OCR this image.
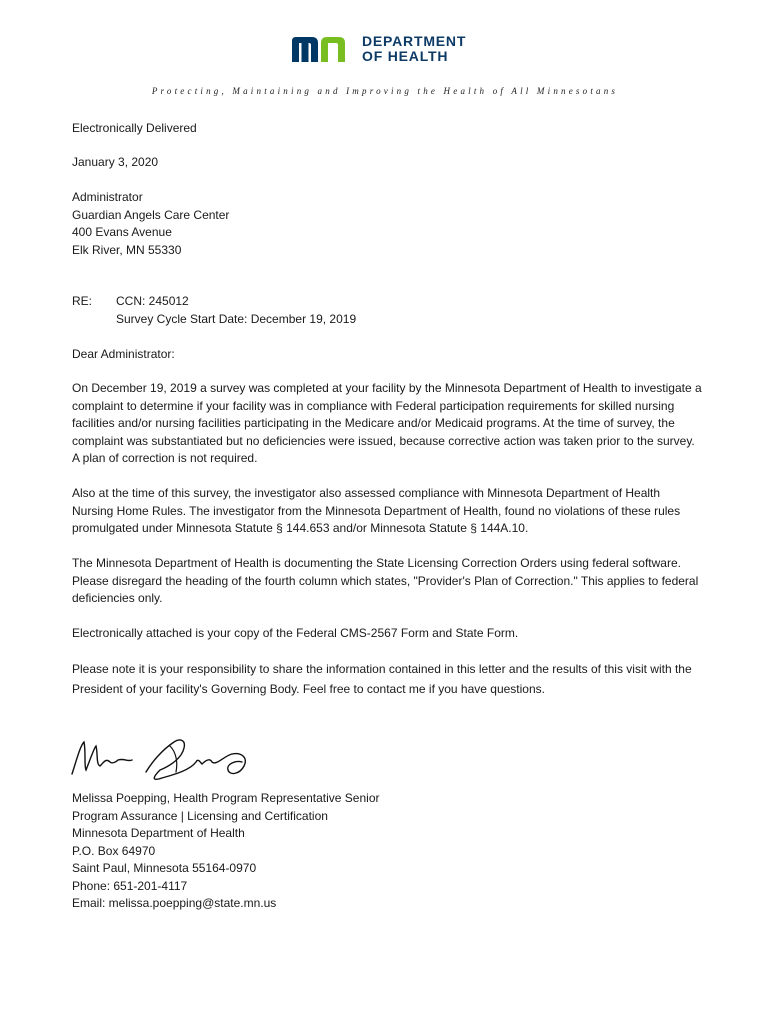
DEPARTMENT
OF HEALTH
Protecting, Maintaining and Improving the Health of All Minnesotans
Electronically Delivered
January 3, 2020
Administrator
Guardian Angels Care Center
400 Evans Avenue
Elk River, MN 55330
RE: CCN: 245012
Survey Cycle Start Date: December 19, 2019
Dear Administrator:

On December 19, 2019 a survey was completed at your facility by the Minnesota Department of Health to investigate a complaint to determine if your facility was in compliance with Federal participation requirements for skilled nursing facilities and/or nursing facilities participating in the Medicare and/or Medicaid programs. At the time of survey, the complaint was substantiated but no deficiencies were issued, because corrective action was taken prior to the survey. A plan of correction is not required.

Also at the time of this survey, the investigator also assessed compliance with Minnesota Department of Health Nursing Home Rules. The investigator from the Minnesota Department of Health, found no violations of these rules promulgated under Minnesota Statute § 144.653 and/or Minnesota Statute § 144A.10.

The Minnesota Department of Health is documenting the State Licensing Correction Orders using federal software. Please disregard the heading of the fourth column which states, "Provider's Plan of Correction." This applies to federal deficiencies only.

Electronically attached is your copy of the Federal CMS-2567 Form and State Form.

Please note it is your responsibility to share the information contained in this letter and the results of this visit with the President of your facility's Governing Body. Feel free to contact me if you have questions.

Melissa Poepping, Health Program Representative Senior
Program Assurance | Licensing and Certification
Minnesota Department of Health
P.O. Box 64970
Saint Paul, Minnesota 55164-0970
Phone: 651-201-4117
Email: melissa.poepping@state.mn.us
